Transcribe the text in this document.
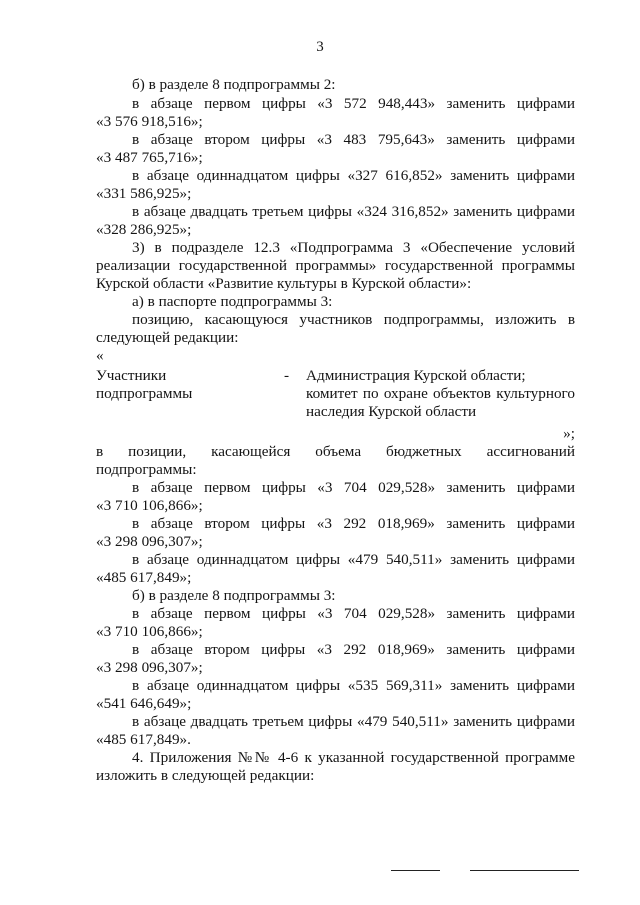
3
б) в разделе 8 подпрограммы 2:
в абзаце первом цифры «3 572 948,443» заменить цифрами
«3 576 918,516»;
в абзаце втором цифры «3 483 795,643» заменить цифрами
«3 487 765,716»;
в абзаце одиннадцатом цифры «327 616,852» заменить цифрами
«331 586,925»;
в абзаце двадцать третьем цифры «324 316,852» заменить цифрами
«328 286,925»;
3) в подразделе 12.3 «Подпрограмма 3 «Обеспечение условий
реализации государственной программы» государственной программы
Курской области «Развитие культуры в Курской области»:
а) в паспорте подпрограммы 3:
позицию, касающуюся участников подпрограммы, изложить в
следующей редакции:
«
Участники
подпрограммы
- Администрация Курской области;
комитет по охране объектов культурного
наследия Курской области
»;
в позиции, касающейся объема бюджетных ассигнований
подпрограммы:
в абзаце первом цифры «3 704 029,528» заменить цифрами
«3 710 106,866»;
в абзаце втором цифры «3 292 018,969» заменить цифрами
«3 298 096,307»;
в абзаце одиннадцатом цифры «479 540,511» заменить цифрами
«485 617,849»;
б) в разделе 8 подпрограммы 3:
в абзаце первом цифры «3 704 029,528» заменить цифрами
«3 710 106,866»;
в абзаце втором цифры «3 292 018,969» заменить цифрами
«3 298 096,307»;
в абзаце одиннадцатом цифры «535 569,311» заменить цифрами
«541 646,649»;
в абзаце двадцать третьем цифры «479 540,511» заменить цифрами
«485 617,849».
4. Приложения №№ 4-6 к указанной государственной программе
изложить в следующей редакции:
